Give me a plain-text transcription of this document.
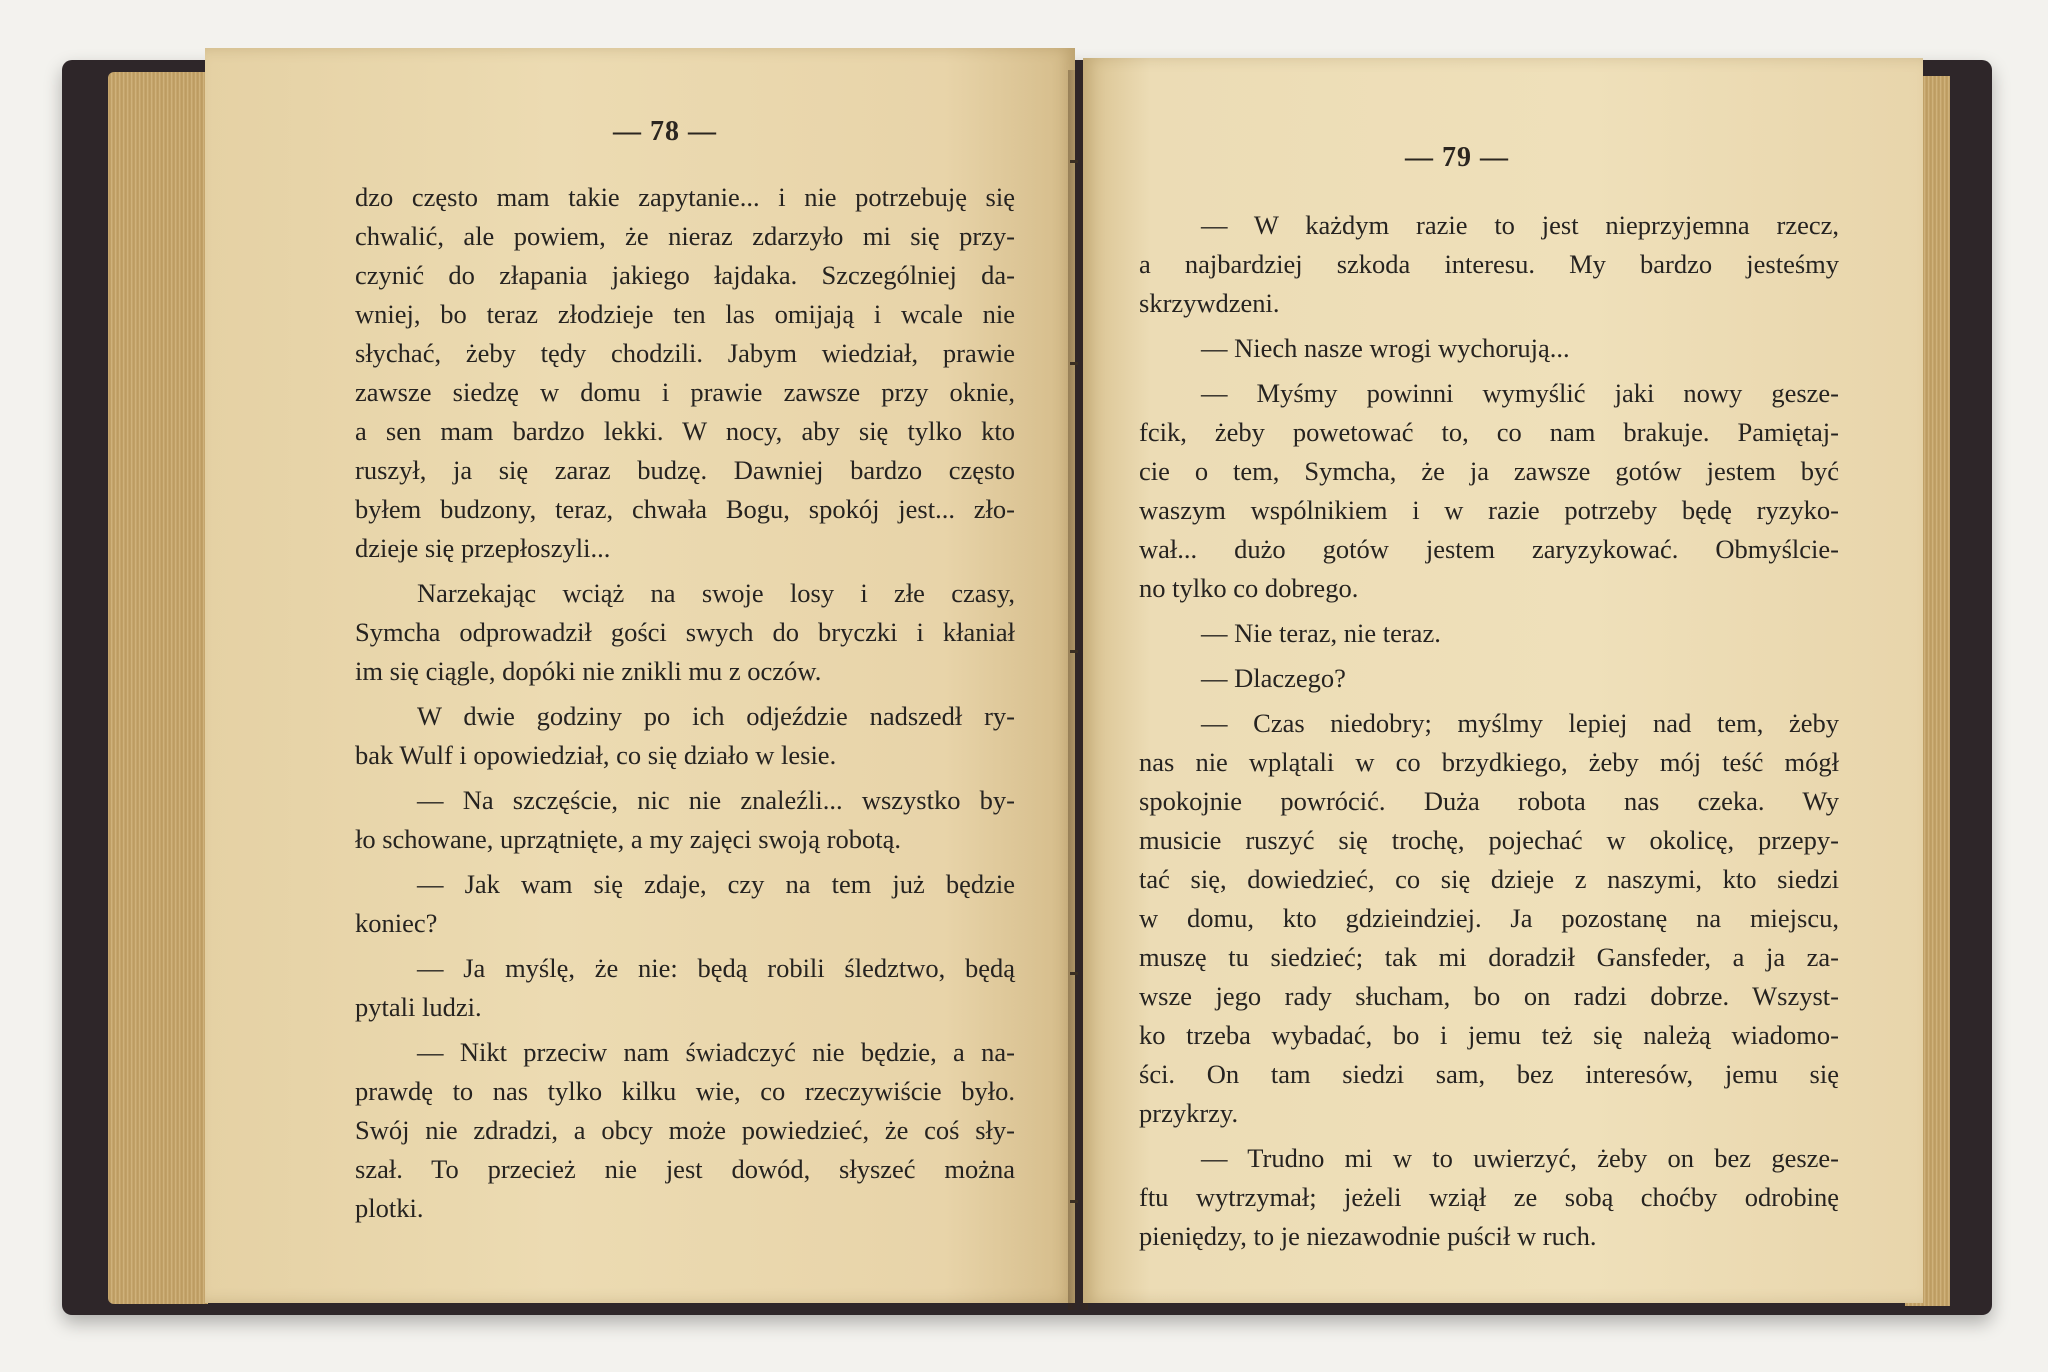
— 78 —
dzo często mam takie zapytanie... i nie potrzebuję się
chwalić, ale powiem, że nieraz zdarzyło mi się przy-
czynić do złapania jakiego łajdaka. Szczególniej da-
wniej, bo teraz złodzieje ten las omijają i wcale nie
słychać, żeby tędy chodzili. Jabym wiedział, prawie
zawsze siedzę w domu i prawie zawsze przy oknie,
a sen mam bardzo lekki. W nocy, aby się tylko kto
ruszył, ja się zaraz budzę. Dawniej bardzo często
byłem budzony, teraz, chwała Bogu, spokój jest... zło-
dzieje się przepłoszyli...
Narzekając wciąż na swoje losy i złe czasy,
Symcha odprowadził gości swych do bryczki i kłaniał
im się ciągle, dopóki nie znikli mu z oczów.
W dwie godziny po ich odjeździe nadszedł ry-
bak Wulf i opowiedział, co się działo w lesie.
— Na szczęście, nic nie znaleźli... wszystko by-
ło schowane, uprzątnięte, a my zajęci swoją robotą.
— Jak wam się zdaje, czy na tem już będzie
koniec?
— Ja myślę, że nie: będą robili śledztwo, będą
pytali ludzi.
— Nikt przeciw nam świadczyć nie będzie, a na-
prawdę to nas tylko kilku wie, co rzeczywiście było.
Swój nie zdradzi, a obcy może powiedzieć, że coś sły-
szał. To przecież nie jest dowód, słyszeć można
plotki.
— 79 —
— W każdym razie to jest nieprzyjemna rzecz,
a najbardziej szkoda interesu. My bardzo jesteśmy
skrzywdzeni.
— Niech nasze wrogi wychorują...
— Myśmy powinni wymyślić jaki nowy gesze-
fcik, żeby powetować to, co nam brakuje. Pamiętaj-
cie o tem, Symcha, że ja zawsze gotów jestem być
waszym wspólnikiem i w razie potrzeby będę ryzyko-
wał... dużo gotów jestem zaryzykować. Obmyślcie-
no tylko co dobrego.
— Nie teraz, nie teraz.
— Dlaczego?
— Czas niedobry; myślmy lepiej nad tem, żeby
nas nie wplątali w co brzydkiego, żeby mój teść mógł
spokojnie powrócić. Duża robota nas czeka. Wy
musicie ruszyć się trochę, pojechać w okolicę, przepy-
tać się, dowiedzieć, co się dzieje z naszymi, kto siedzi
w domu, kto gdzieindziej. Ja pozostanę na miejscu,
muszę tu siedzieć; tak mi doradził Gansfeder, a ja za-
wsze jego rady słucham, bo on radzi dobrze. Wszyst-
ko trzeba wybadać, bo i jemu też się należą wiadomo-
ści. On tam siedzi sam, bez interesów, jemu się
przykrzy.
— Trudno mi w to uwierzyć, żeby on bez gesze-
ftu wytrzymał; jeżeli wziął ze sobą choćby odrobinę
pieniędzy, to je niezawodnie puścił w ruch.
